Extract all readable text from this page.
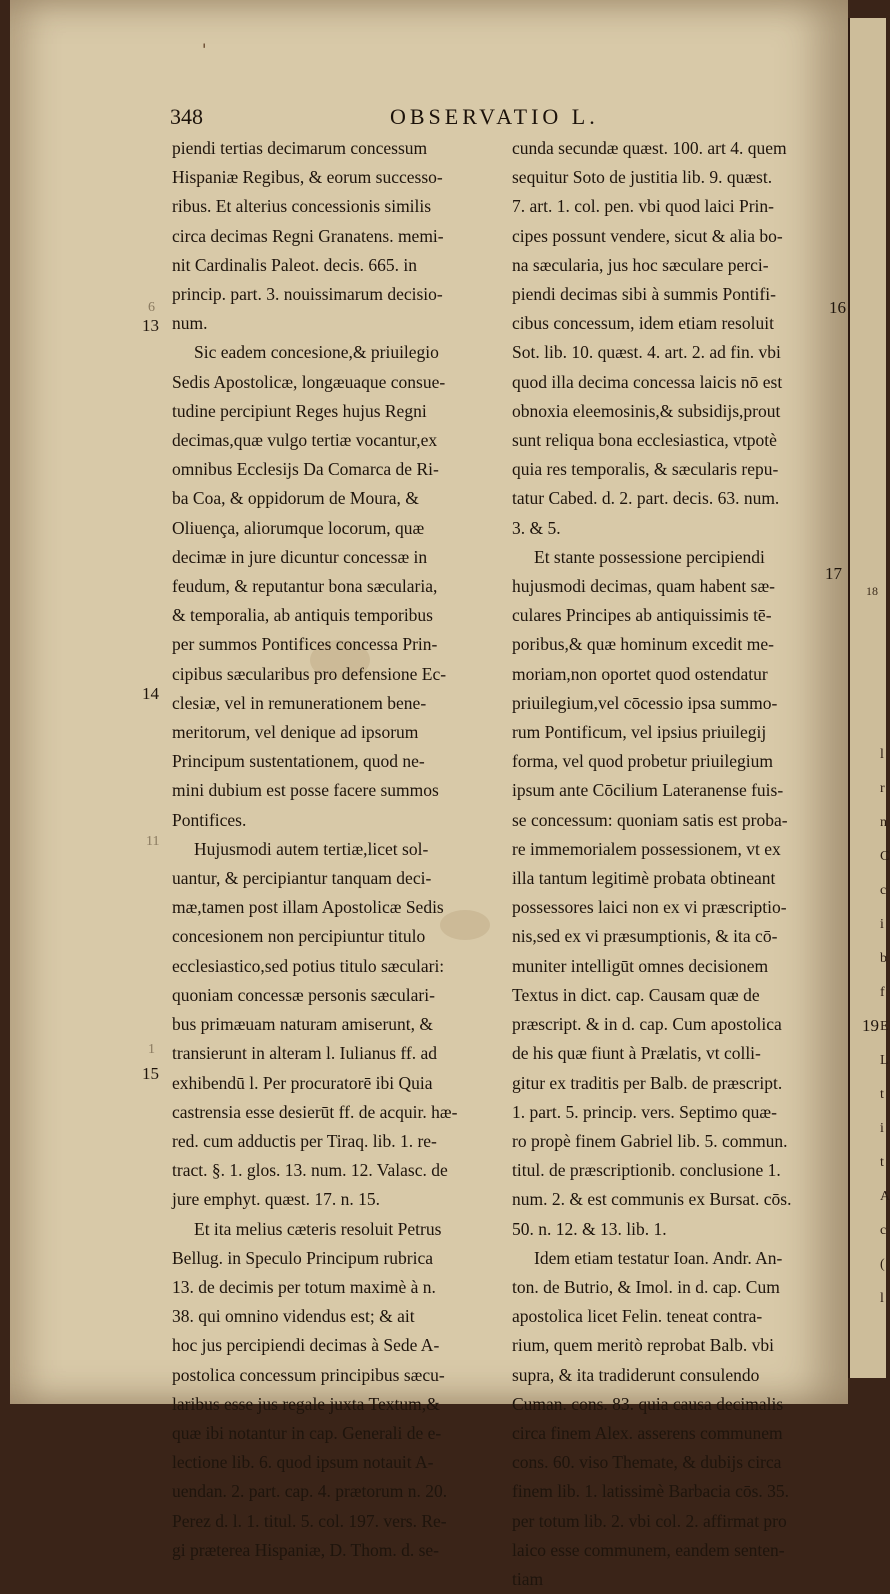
'
18
l
r
n
C
c
i
b
f
E
L
t
i
t
A
c
(
l
348	OBSERVATIO L.
piendi tertias decimarum concessum
Hispaniæ Regibus, & eorum successo-
ribus. Et alterius concessionis similis
circa decimas Regni Granatens. memi-
nit Cardinalis Paleot. decis. 665. in
princip. part. 3. nouissimarum decisio-
num.
Sic eadem concesione,& priuilegio
Sedis Apostolicæ, longæuaque consue-
tudine percipiunt Reges hujus Regni
decimas,quæ vulgo tertiæ vocantur,ex
omnibus Ecclesijs Da Comarca de Ri-
ba Coa, & oppidorum de Moura, &
Oliuença, aliorumque locorum, quæ
decimæ in jure dicuntur concessæ in
feudum, & reputantur bona sæcularia,
& temporalia, ab antiquis temporibus
per summos Pontifices concessa Prin-
cipibus sæcularibus pro defensione Ec-
clesiæ, vel in remunerationem bene-
meritorum, vel denique ad ipsorum
Principum sustentationem, quod ne-
mini dubium est posse facere summos
Pontifices.
Hujusmodi autem tertiæ,licet sol-
uantur, & percipiantur tanquam deci-
mæ,tamen post illam Apostolicæ Sedis
concesionem non percipiuntur titulo
ecclesiastico,sed potius titulo sæculari:
quoniam concessæ personis sæculari-
bus primæuam naturam amiserunt, &
transierunt in alteram l. Iulianus ff. ad
exhibendū l. Per procuratorē ibi Quia
castrensia esse desierūt ff. de acquir. hæ-
red. cum adductis per Tiraq. lib. 1. re-
tract. §. 1. glos. 13. num. 12. Valasc. de
jure emphyt. quæst. 17. n. 15.
Et ita melius cæteris resoluit Petrus
Bellug. in Speculo Principum rubrica
13. de decimis per totum maximè à n.
38. qui omnino videndus est; & ait
hoc jus percipiendi decimas à Sede A-
postolica concessum principibus sæcu-
laribus esse jus regale juxta Textum,&
quæ ibi notantur in cap. Generali de e-
lectione lib. 6. quod ipsum notauit A-
uendan. 2. part. cap. 4. prætorum n. 20.
Perez d. l. 1. titul. 5. col. 197. vers. Re-
gi præterea Hispaniæ, D. Thom. d. se-
cunda secundæ quæst. 100. art 4. quem
sequitur Soto de justitia lib. 9. quæst.
7. art. 1. col. pen. vbi quod laici Prin-
cipes possunt vendere, sicut & alia bo-
na sæcularia, jus hoc sæculare perci-
piendi decimas sibi à summis Pontifi-
cibus concessum, idem etiam resoluit
Sot. lib. 10. quæst. 4. art. 2. ad fin. vbi
quod illa decima concessa laicis nō est
obnoxia eleemosinis,& subsidijs,prout
sunt reliqua bona ecclesiastica, vtpotè
quia res temporalis, & sæcularis repu-
tatur Cabed. d. 2. part. decis. 63. num.
3. & 5.
Et stante possessione percipiendi
hujusmodi decimas, quam habent sæ-
culares Principes ab antiquissimis tē-
poribus,& quæ hominum excedit me-
moriam,non oportet quod ostendatur
priuilegium,vel cōcessio ipsa summo-
rum Pontificum, vel ipsius priuilegij
forma, vel quod probetur priuilegium
ipsum ante Cōcilium Lateranense fuis-
se concessum: quoniam satis est proba-
re immemorialem possessionem, vt ex
illa tantum legitimè probata obtineant
possessores laici non ex vi præscriptio-
nis,sed ex vi præsumptionis, & ita cō-
muniter intelligūt omnes decisionem
Textus in dict. cap. Causam quæ de
præscript. & in d. cap. Cum apostolica
de his quæ fiunt à Prælatis, vt colli-
gitur ex traditis per Balb. de præscript.
1. part. 5. princip. vers. Septimo quæ-
ro propè finem Gabriel lib. 5. commun.
titul. de præscriptionib. conclusione 1.
num. 2. & est communis ex Bursat. cōs.
50. n. 12. & 13. lib. 1.
Idem etiam testatur Ioan. Andr. An-
ton. de Butrio, & Imol. in d. cap. Cum
apostolica licet Felin. teneat contra-
rium, quem meritò reprobat Balb. vbi
supra, & ita tradiderunt consulendo
Cuman. cons. 83. quia causa decimalis
circa finem Alex. asserens communem
cons. 60. viso Themate, & dubijs circa
finem lib. 1. latissimè Barbacia cōs. 35.
per totum lib. 2. vbi col. 2. affirmat pro
laico esse communem, eandem senten-
tiam
13
14
15
16
17
19
6
11
1
